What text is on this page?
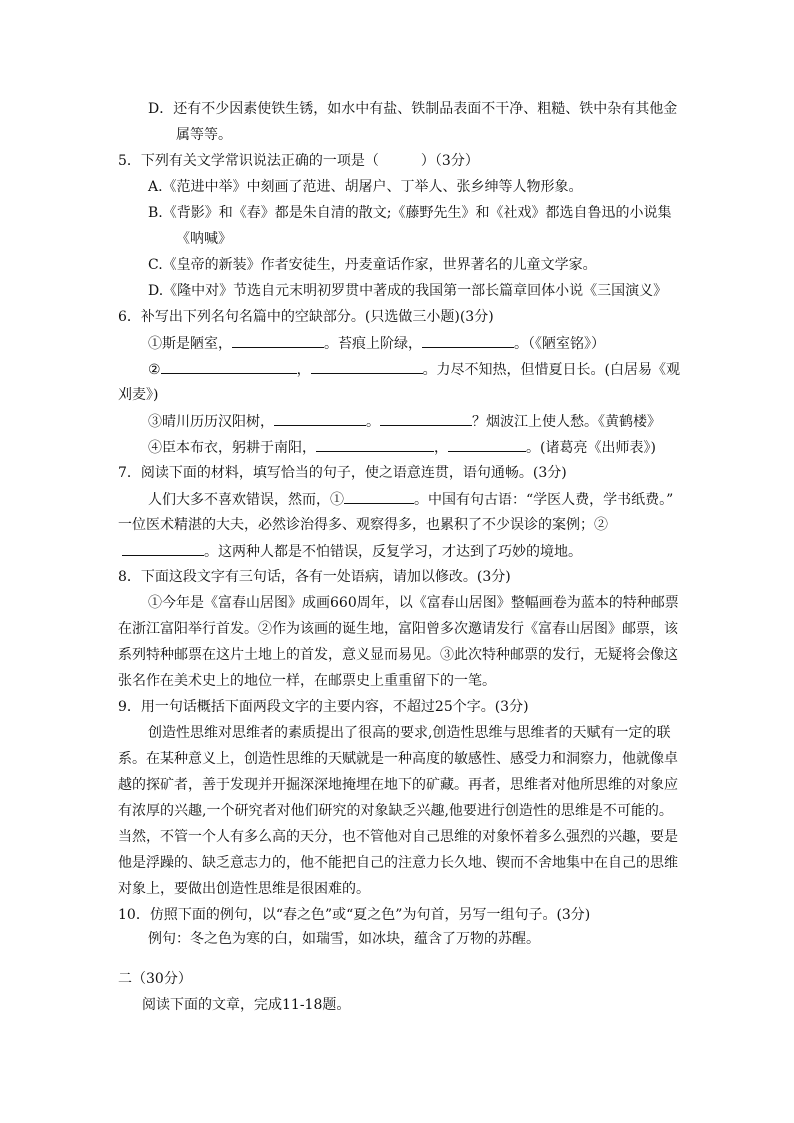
D．还有不少因素使铁生锈，如水中有盐、铁制品表面不干净、粗糙、铁中杂有其他金
属等等。
5．下列有关文学常识说法正确的一项是（　　　）（3分）
A.《范进中举》中刻画了范进、胡屠户、丁举人、张乡绅等人物形象。
B.《背影》和《春》都是朱自清的散文;《藤野先生》和《社戏》都选自鲁迅的小说集
《呐喊》
C.《皇帝的新装》作者安徒生，丹麦童话作家，世界著名的儿童文学家。
D.《隆中对》节选自元末明初罗贯中著成的我国第一部长篇章回体小说《三国演义》
6．补写出下列名句名篇中的空缺部分。(只选做三小题)(3分)
①斯是陋室，	。苔痕上阶绿，	。（《陋室铭》）
②	，	。力尽不知热，但惜夏日长。(白居易《观
刈麦》)
③晴川历历汉阳树，	。	？烟波江上使人愁。《黄鹤楼》
④臣本布衣，躬耕于南阳，	，	。(诸葛亮《出师表》)
7．阅读下面的材料，填写恰当的句子，使之语意连贯，语句通畅。(3分)
人们大多不喜欢错误，然而，①	。中国有句古语：“学医人费，学书纸费。”
一位医术精湛的大夫，必然诊治得多、观察得多，也累积了不少误诊的案例；②
。这两种人都是不怕错误，反复学习，才达到了巧妙的境地。
8．下面这段文字有三句话，各有一处语病，请加以修改。(3分)
①今年是《富春山居图》成画660周年，以《富春山居图》整幅画卷为蓝本的特种邮票
在浙江富阳举行首发。②作为该画的诞生地，富阳曾多次邀请发行《富春山居图》邮票，该
系列特种邮票在这片土地上的首发，意义显而易见。③此次特种邮票的发行，无疑将会像这
张名作在美术史上的地位一样，在邮票史上重重留下的一笔。
9．用一句话概括下面两段文字的主要内容，不超过25个字。(3分)
创造性思维对思维者的素质提出了很高的要求,创造性思维与思维者的天赋有一定的联
系。在某种意义上，创造性思维的天赋就是一种高度的敏感性、感受力和洞察力，他就像卓
越的探矿者，善于发现并开掘深深地掩埋在地下的矿藏。再者，思维者对他所思维的对象应
有浓厚的兴趣,一个研究者对他们研究的对象缺乏兴趣,他要进行创造性的思维是不可能的。
当然，不管一个人有多么高的天分，也不管他对自己思维的对象怀着多么强烈的兴趣，要是
他是浮躁的、缺乏意志力的，他不能把自己的注意力长久地、锲而不舍地集中在自己的思维
对象上，要做出创造性思维是很困难的。
10．仿照下面的例句，以“春之色”或“夏之色”为句首，另写一组句子。(3分)
例句：冬之色为寒的白，如瑞雪，如冰块，蕴含了万物的苏醒。
二（30分）
阅读下面的文章，完成11-18题。
